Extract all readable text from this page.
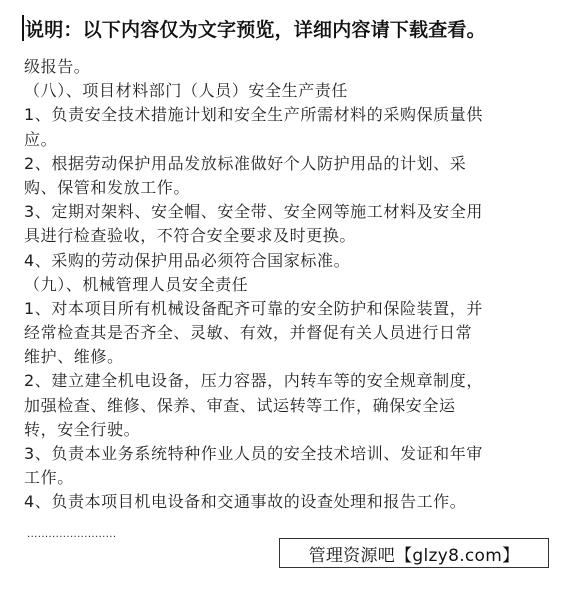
说明：以下内容仅为文字预览，详细内容请下载查看。
级报告。
（八）、项目材料部门（人员）安全生产责任
1、负责安全技术措施计划和安全生产所需材料的采购保质量供
应。
2、根据劳动保护用品发放标准做好个人防护用品的计划、采
购、保管和发放工作。
3、定期对架料、安全帽、安全带、安全网等施工材料及安全用
具进行检查验收，不符合安全要求及时更换。
4、采购的劳动保护用品必须符合国家标准。
（九）、机械管理人员安全责任
1、对本项目所有机械设备配齐可靠的安全防护和保险装置，并
经常检查其是否齐全、灵敏、有效，并督促有关人员进行日常
维护、维修。
2、建立建全机电设备，压力容器，内转车等的安全规章制度，
加强检查、维修、保养、审查、试运转等工作，确保安全运
转，安全行驶。
3、负责本业务系统特种作业人员的安全技术培训、发证和年审
工作。
4、负责本项目机电设备和交通事故的设查处理和报告工作。
·························
管理资源吧【glzy8.com】
